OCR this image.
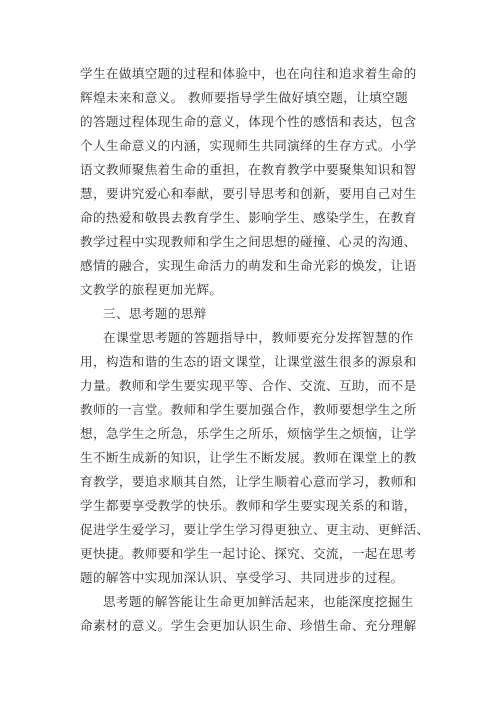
学生在做填空题的过程和体验中，也在向往和追求着生命的
辉煌未来和意义。 教师要指导学生做好填空题，让填空题
的答题过程体现生命的意义，体现个性的感悟和表达，包含
个人生命意义的内涵，实现师生共同演绎的生存方式。小学
语文教师聚焦着生命的重担，在教育教学中要聚集知识和智
慧，要讲究爱心和奉献，要引导思考和创新，要用自己对生
命的热爱和敬畏去教育学生、影响学生、感染学生，在教育
教学过程中实现教师和学生之间思想的碰撞、心灵的沟通、
感情的融合，实现生命活力的萌发和生命光彩的焕发，让语
文教学的旅程更加光辉。
三、思考题的思辩
在课堂思考题的答题指导中，教师要充分发挥智慧的作
用，构造和谐的生态的语文课堂，让课堂滋生很多的源泉和
力量。教师和学生要实现平等、合作、交流、互助，而不是
教师的一言堂。教师和学生要加强合作，教师要想学生之所
想，急学生之所急，乐学生之所乐，烦恼学生之烦恼，让学
生不断生成新的知识，让学生不断发展。教师在课堂上的教
育教学，要追求顺其自然，让学生顺着心意而学习，教师和
学生都要享受教学的快乐。教师和学生要实现关系的和谐，
促进学生爱学习，要让学生学习得更独立、更主动、更鲜活、
更快捷。教师要和学生一起讨论、探究、交流，一起在思考
题的解答中实现加深认识、享受学习、共同进步的过程。
思考题的解答能让生命更加鲜活起来，也能深度挖掘生
命素材的意义。学生会更加认识生命、珍惜生命、充分理解
